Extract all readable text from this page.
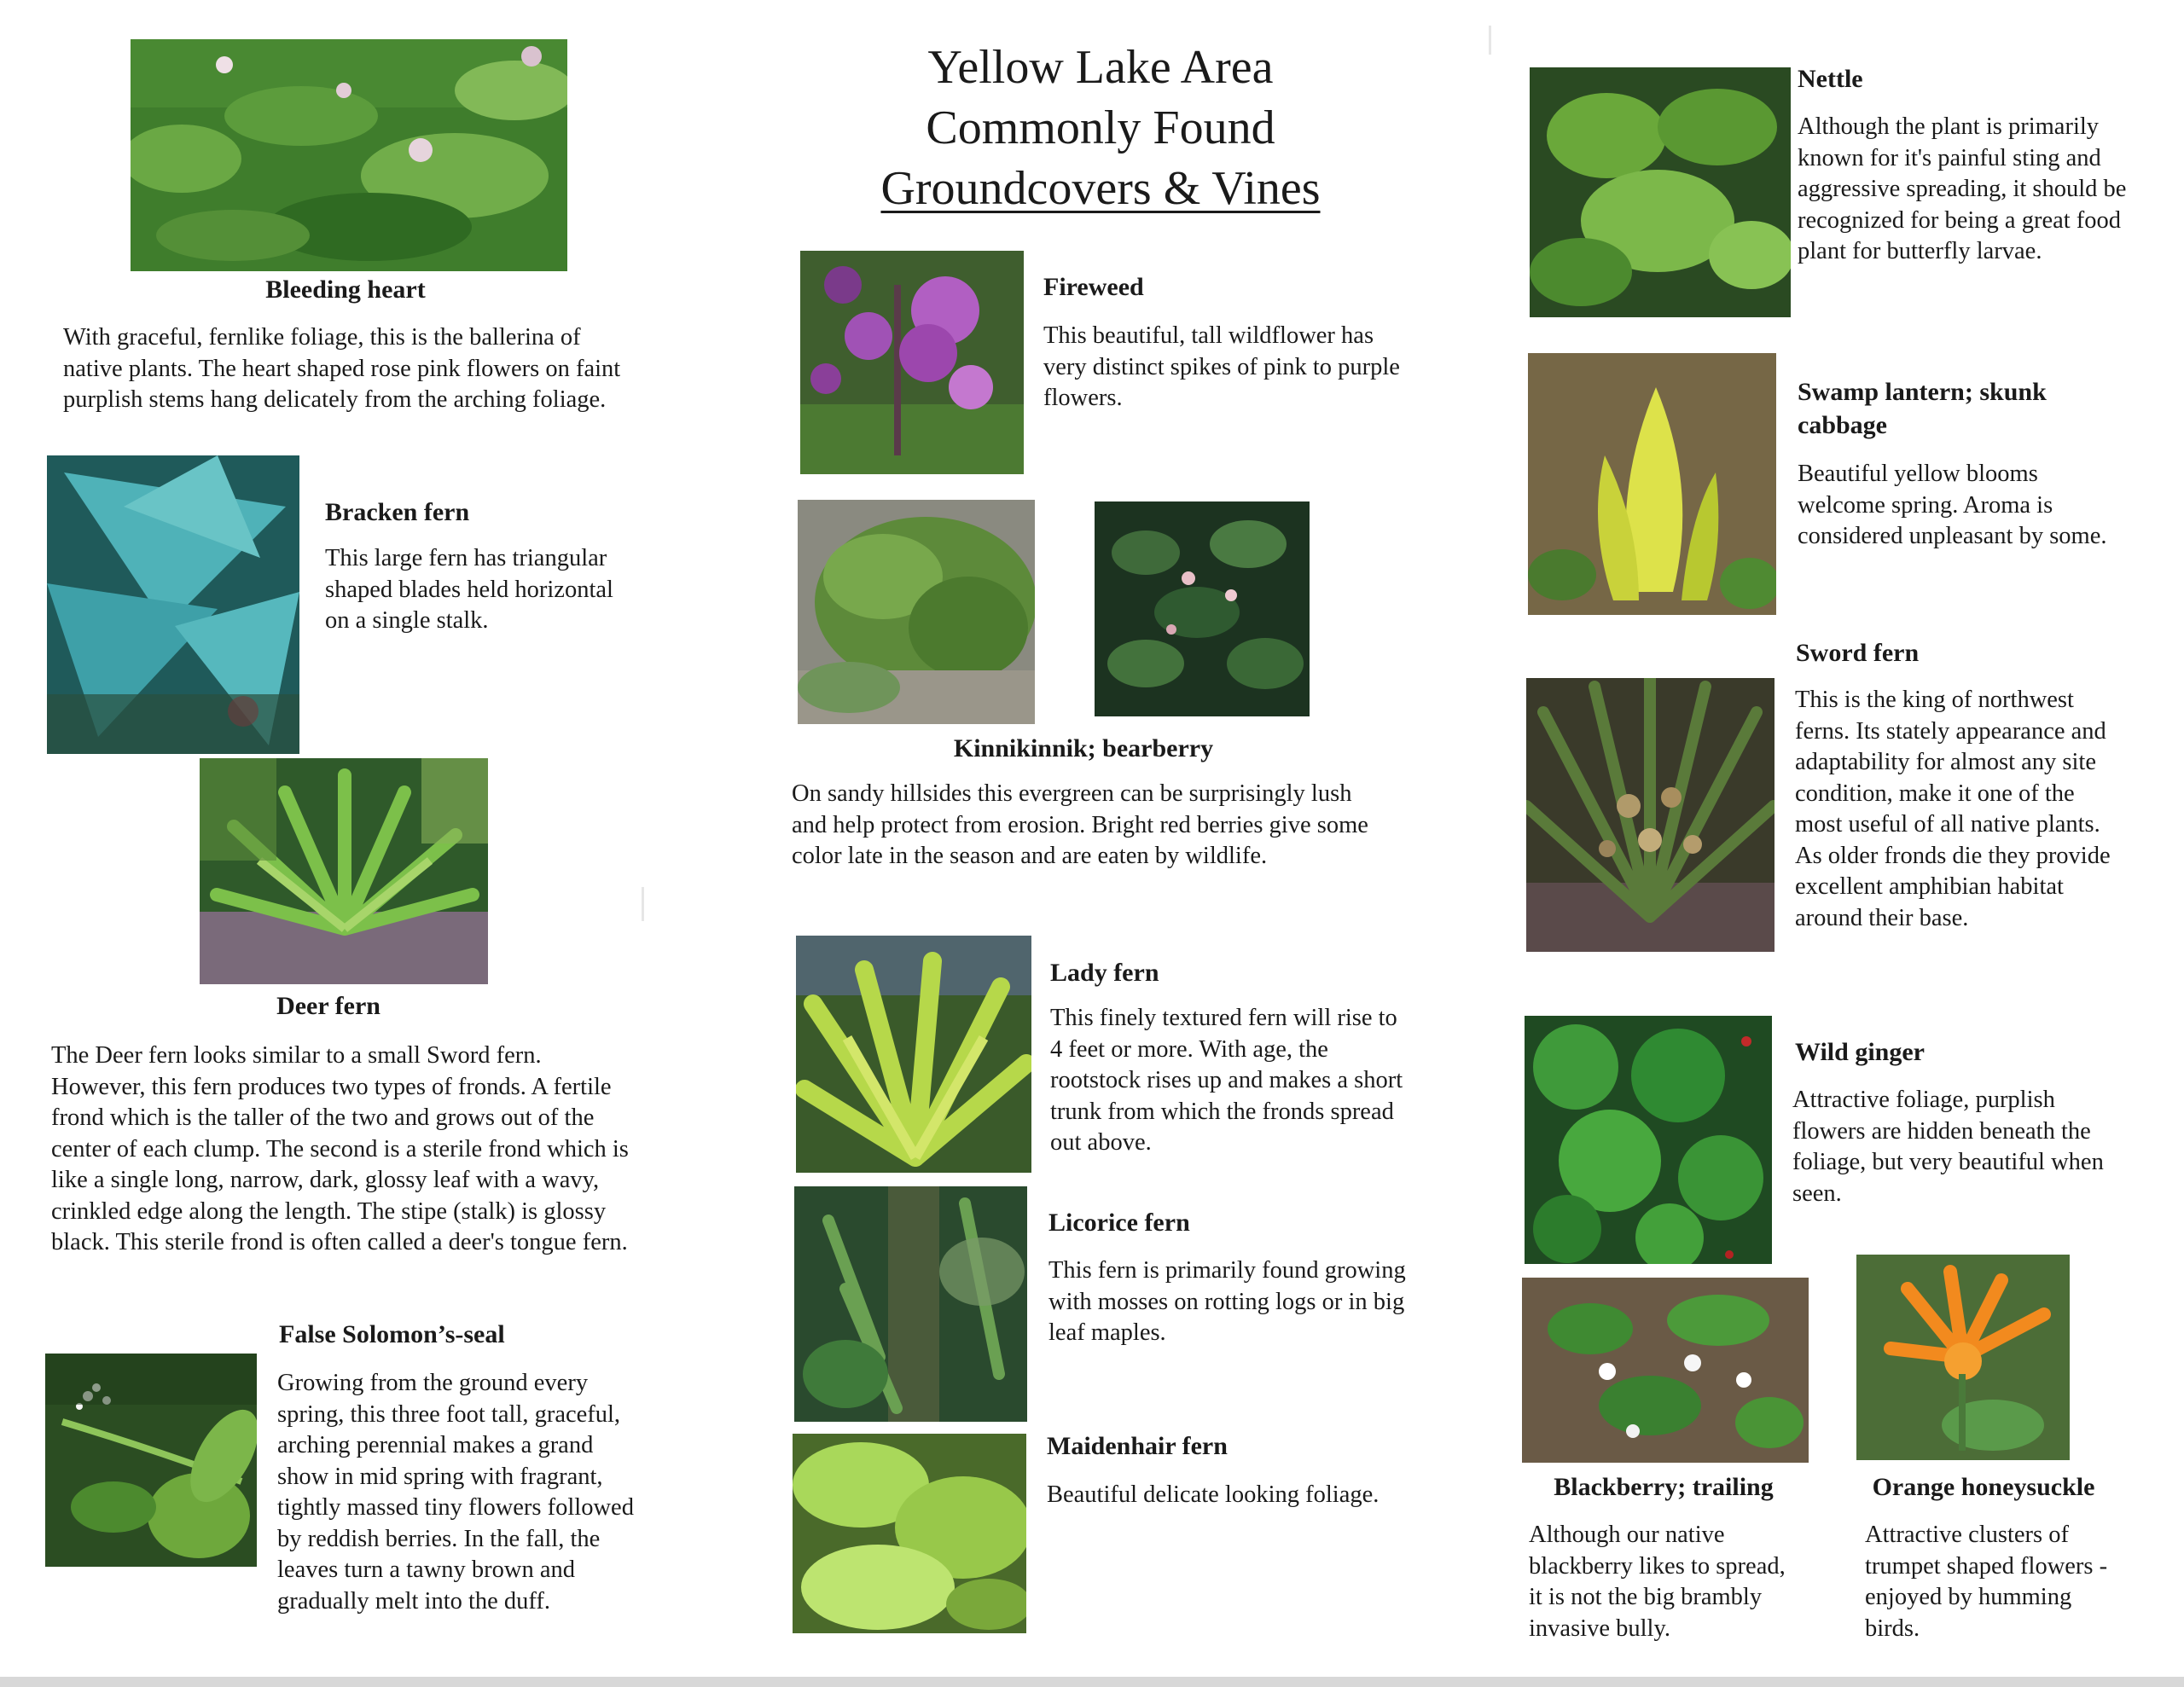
Bleeding heart
With graceful, fernlike foliage, this is the ballerina of native plants. The heart shaped rose pink flowers on faint purplish stems hang delicately from the arching foliage.
Bracken fern
This large fern has triangular shaped blades held horizontal on a single stalk.
Deer fern
The Deer fern looks similar to a small Sword fern. However, this fern produces two types of fronds. A fertile frond which is the taller of the two and grows out of the center of each clump. The second is a sterile frond which is like a single long, narrow, dark, glossy leaf with a wavy, crinkled edge along the length. The stipe (stalk) is glossy black. This sterile frond is often called a deer's tongue fern.
False Solomon’s-seal
Growing from the ground every spring, this three foot tall, graceful, arching perennial makes a grand show in mid spring with fragrant, tightly massed tiny flowers followed by reddish berries. In the fall, the leaves turn a tawny brown and gradually melt into the duff.
Yellow Lake Area
Commonly Found
Groundcovers & Vines
Fireweed
This beautiful, tall wildflower has very distinct spikes of pink to purple flowers.
Kinnikinnik; bearberry
On sandy hillsides this evergreen can be surprisingly lush and help protect from erosion. Bright red berries give some color late in the season and are eaten by wildlife.
Lady fern
This finely textured fern will rise to 4 feet or more. With age, the rootstock rises up and makes a short trunk from which the fronds spread out above.
Licorice fern
This fern is primarily found growing with mosses on rotting logs or in big leaf maples.
Maidenhair fern
Beautiful delicate looking foliage.
Nettle
Although the plant is primarily known for it's painful sting and aggressive spreading, it should be recognized for being a great food plant for butterfly larvae.
Swamp lantern; skunk
cabbage
Beautiful yellow blooms welcome spring. Aroma is considered unpleasant by some.
Sword fern
This is the king of northwest ferns. Its stately appearance and adaptability for almost any site condition, make it one of the most useful of all native plants. As older fronds die they provide excellent amphibian habitat around their base.
Wild ginger
Attractive foliage, purplish flowers are hidden beneath the foliage, but very beautiful when seen.
Blackberry; trailing
Although our native blackberry likes to spread, it is not the big brambly invasive bully.
Orange honeysuckle
Attractive clusters of trumpet shaped flowers - enjoyed by humming birds.
